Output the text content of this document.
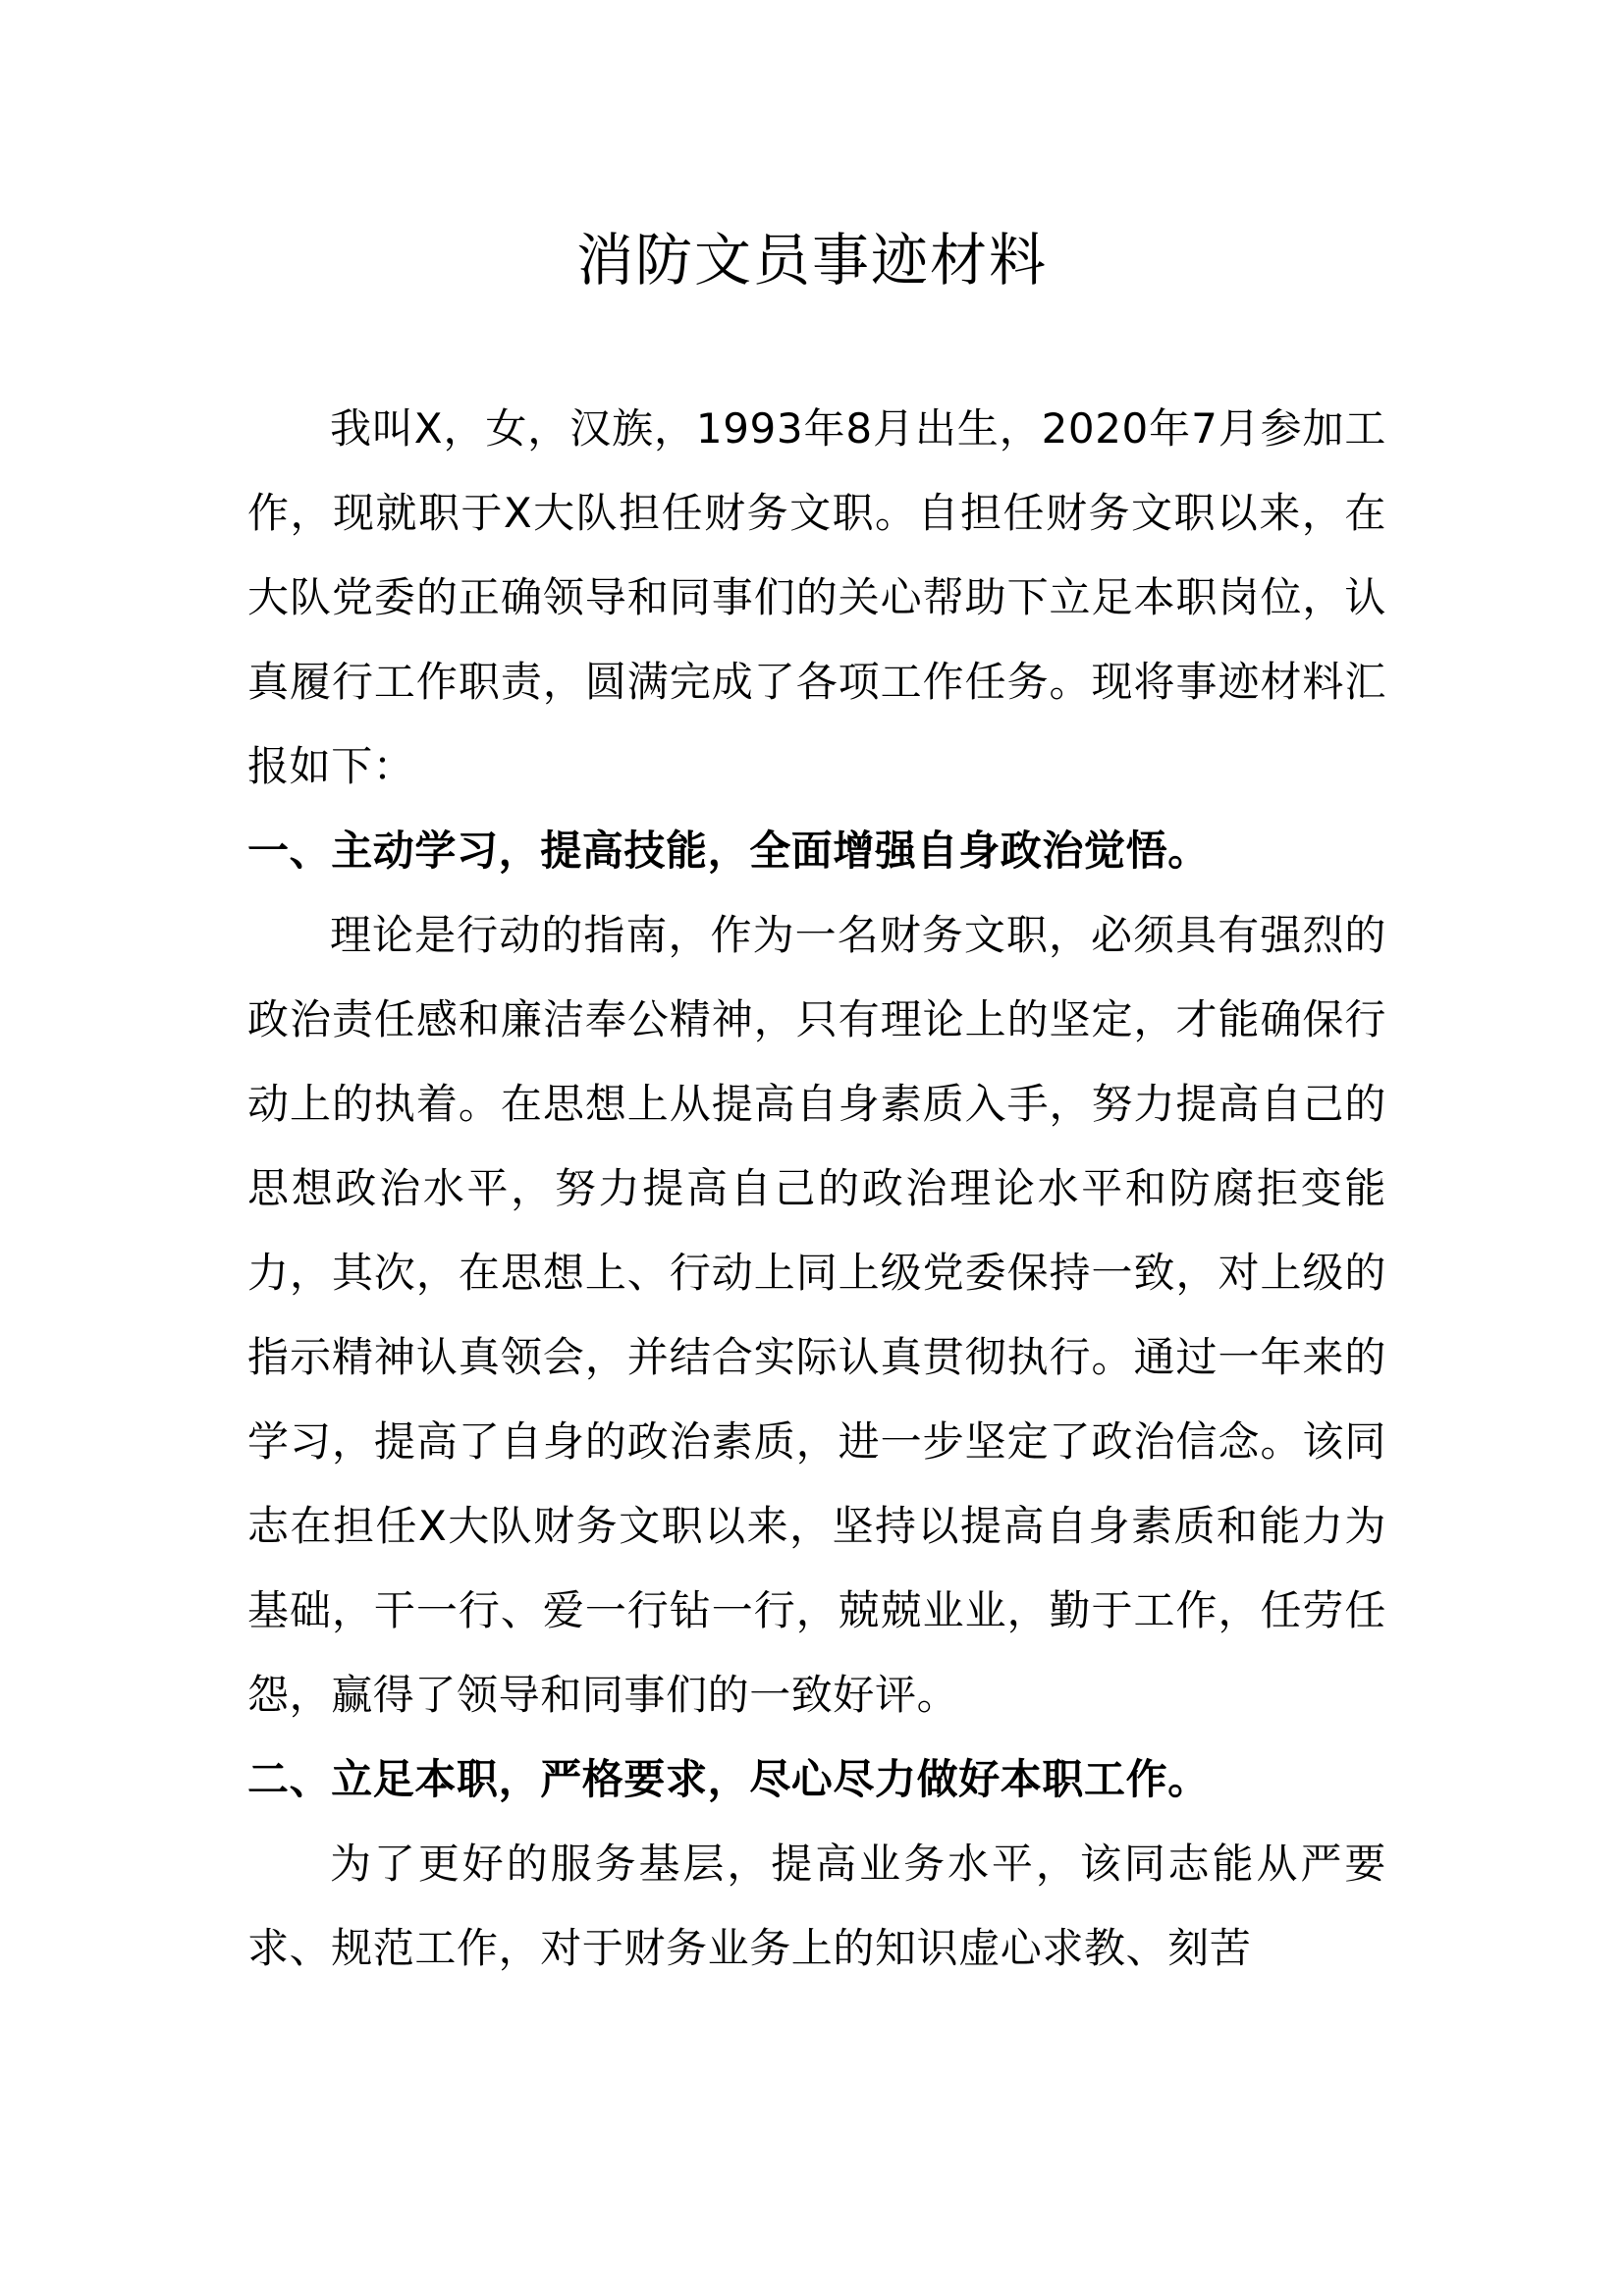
消防文员事迹材料

我叫X，女，汉族，1993年8月出生，2020年7月参加工作，现就职于X大队担任财务文职。自担任财务文职以来，在大队党委的正确领导和同事们的关心帮助下立足本职岗位，认真履行工作职责，圆满完成了各项工作任务。现将事迹材料汇报如下：

一、主动学习，提高技能，全面增强自身政治觉悟。

理论是行动的指南，作为一名财务文职，必须具有强烈的政治责任感和廉洁奉公精神，只有理论上的坚定，才能确保行动上的执着。在思想上从提高自身素质入手，努力提高自己的思想政治水平，努力提高自己的政治理论水平和防腐拒变能力，其次，在思想上、行动上同上级党委保持一致，对上级的指示精神认真领会，并结合实际认真贯彻执行。通过一年来的学习，提高了自身的政治素质，进一步坚定了政治信念。该同志在担任X大队财务文职以来，坚持以提高自身素质和能力为基础，干一行、爱一行钻一行，兢兢业业，勤于工作，任劳任怨，赢得了领导和同事们的一致好评。

二、立足本职，严格要求，尽心尽力做好本职工作。

为了更好的服务基层，提高业务水平，该同志能从严要求、规范工作，对于财务业务上的知识虚心求教、刻苦
